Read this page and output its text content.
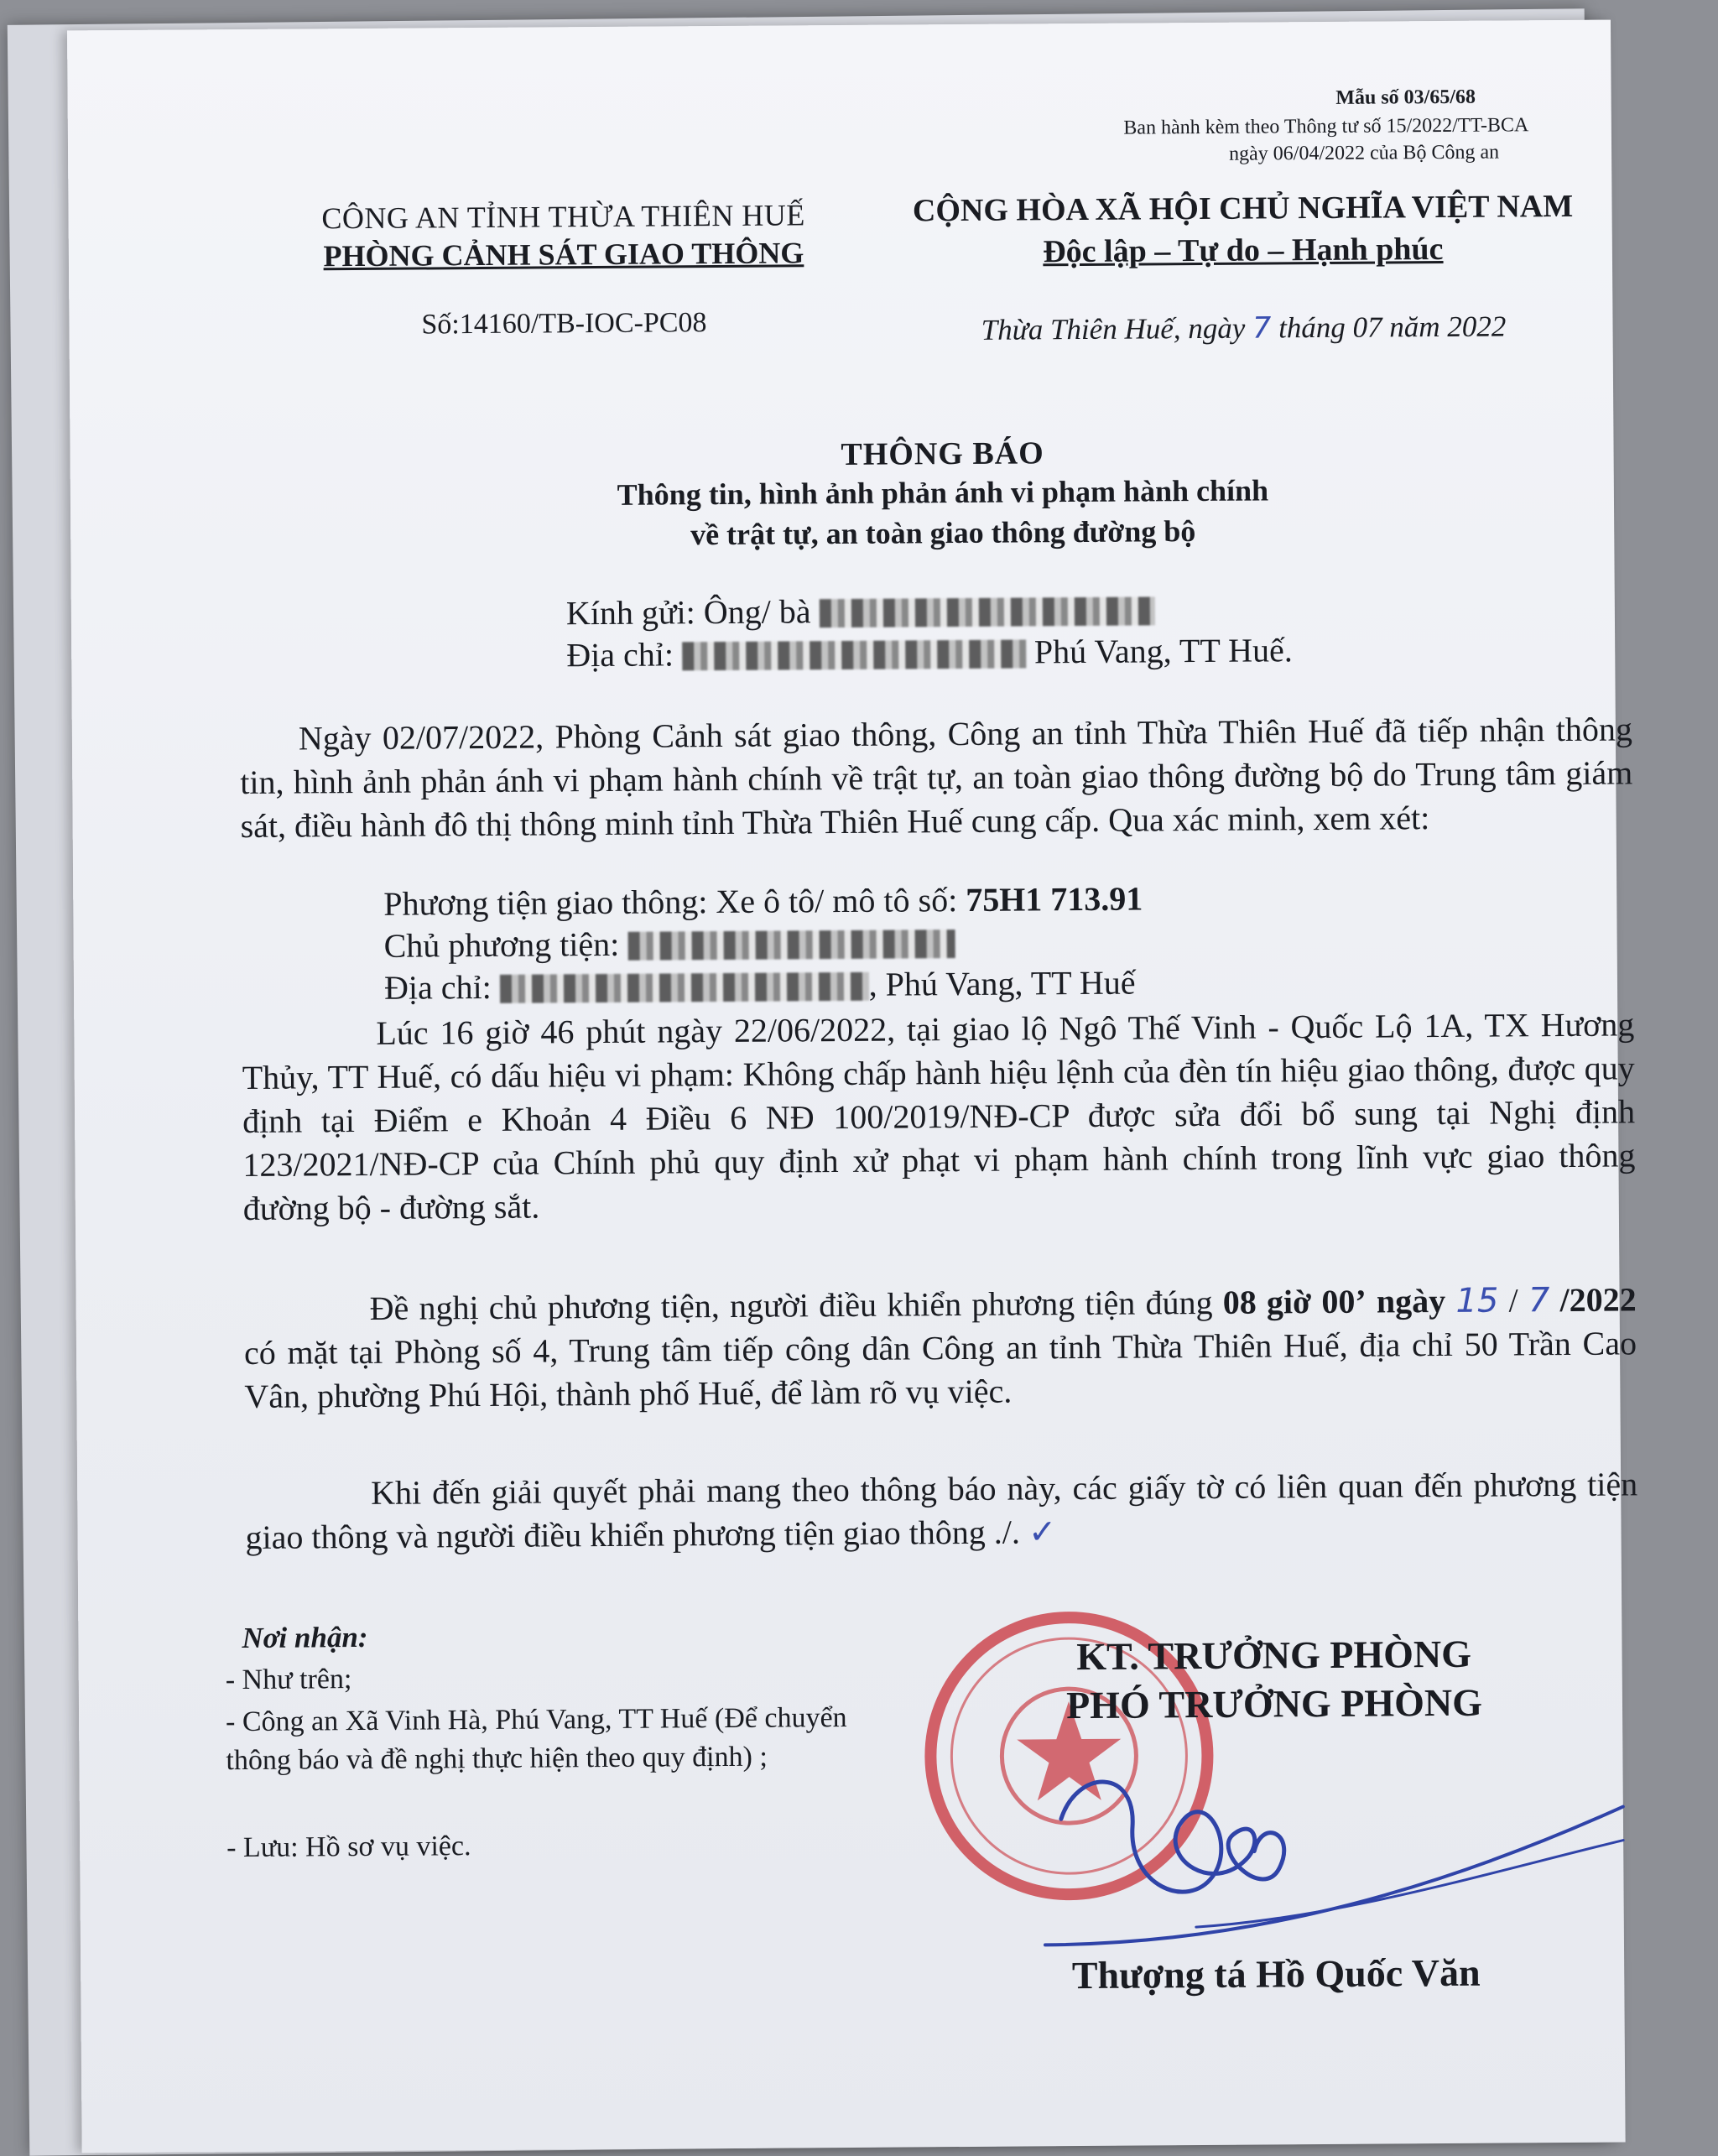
Mẫu số 03/65/68
Ban hành kèm theo Thông tư số 15/2022/TT-BCA
ngày 06/04/2022 của Bộ Công an
CÔNG AN TỈNH THỪA THIÊN HUẾ
PHÒNG CẢNH SÁT GIAO THÔNG
Số:14160/TB-IOC-PC08
CỘNG HÒA XÃ HỘI CHỦ NGHĨA VIỆT NAM
Độc lập – Tự do – Hạnh phúc
Thừa Thiên Huế, ngày 7 tháng 07 năm 2022
THÔNG BÁO
Thông tin, hình ảnh phản ánh vi phạm hành chính
về trật tự, an toàn giao thông đường bộ
Kính gửi: Ông/ bà
Địa chỉ:	Phú Vang, TT Huế.
Ngày 02/07/2022, Phòng Cảnh sát giao thông, Công an tỉnh Thừa Thiên Huế đã tiếp nhận thông tin, hình ảnh phản ánh vi phạm hành chính về trật tự, an toàn giao thông đường bộ do Trung tâm giám sát, điều hành đô thị thông minh tỉnh Thừa Thiên Huế cung cấp. Qua xác minh, xem xét:
Phương tiện giao thông: Xe ô tô/ mô tô số: 75H1 713.91
Chủ phương tiện:
Địa chỉ:	, Phú Vang, TT Huế
Lúc 16 giờ 46 phút ngày 22/06/2022, tại giao lộ Ngô Thế Vinh - Quốc Lộ 1A, TX Hương Thủy, TT Huế, có dấu hiệu vi phạm: Không chấp hành hiệu lệnh của đèn tín hiệu giao thông, được quy định tại Điểm e Khoản 4 Điều 6 NĐ 100/2019/NĐ-CP được sửa đổi bổ sung tại Nghị định 123/2021/NĐ-CP của Chính phủ quy định xử phạt vi phạm hành chính trong lĩnh vực giao thông đường bộ - đường sắt.
Đề nghị chủ phương tiện, người điều khiển phương tiện đúng 08 giờ 00’ ngày 15 / 7 /2022 có mặt tại Phòng số 4, Trung tâm tiếp công dân Công an tỉnh Thừa Thiên Huế, địa chỉ 50 Trần Cao Vân, phường Phú Hội, thành phố Huế, để làm rõ vụ việc.
Khi đến giải quyết phải mang theo thông báo này, các giấy tờ có liên quan đến phương tiện giao thông và người điều khiển phương tiện giao thông ./. ✓
Nơi nhận:
- Như trên;
- Công an Xã Vinh Hà, Phú Vang, TT Huế (Để chuyển thông báo và đề nghị thực hiện theo quy định) ;
- Lưu: Hồ sơ vụ việc.
KT. TRƯỞNG PHÒNG
PHÓ TRƯỞNG PHÒNG
Thượng tá Hồ Quốc Văn
